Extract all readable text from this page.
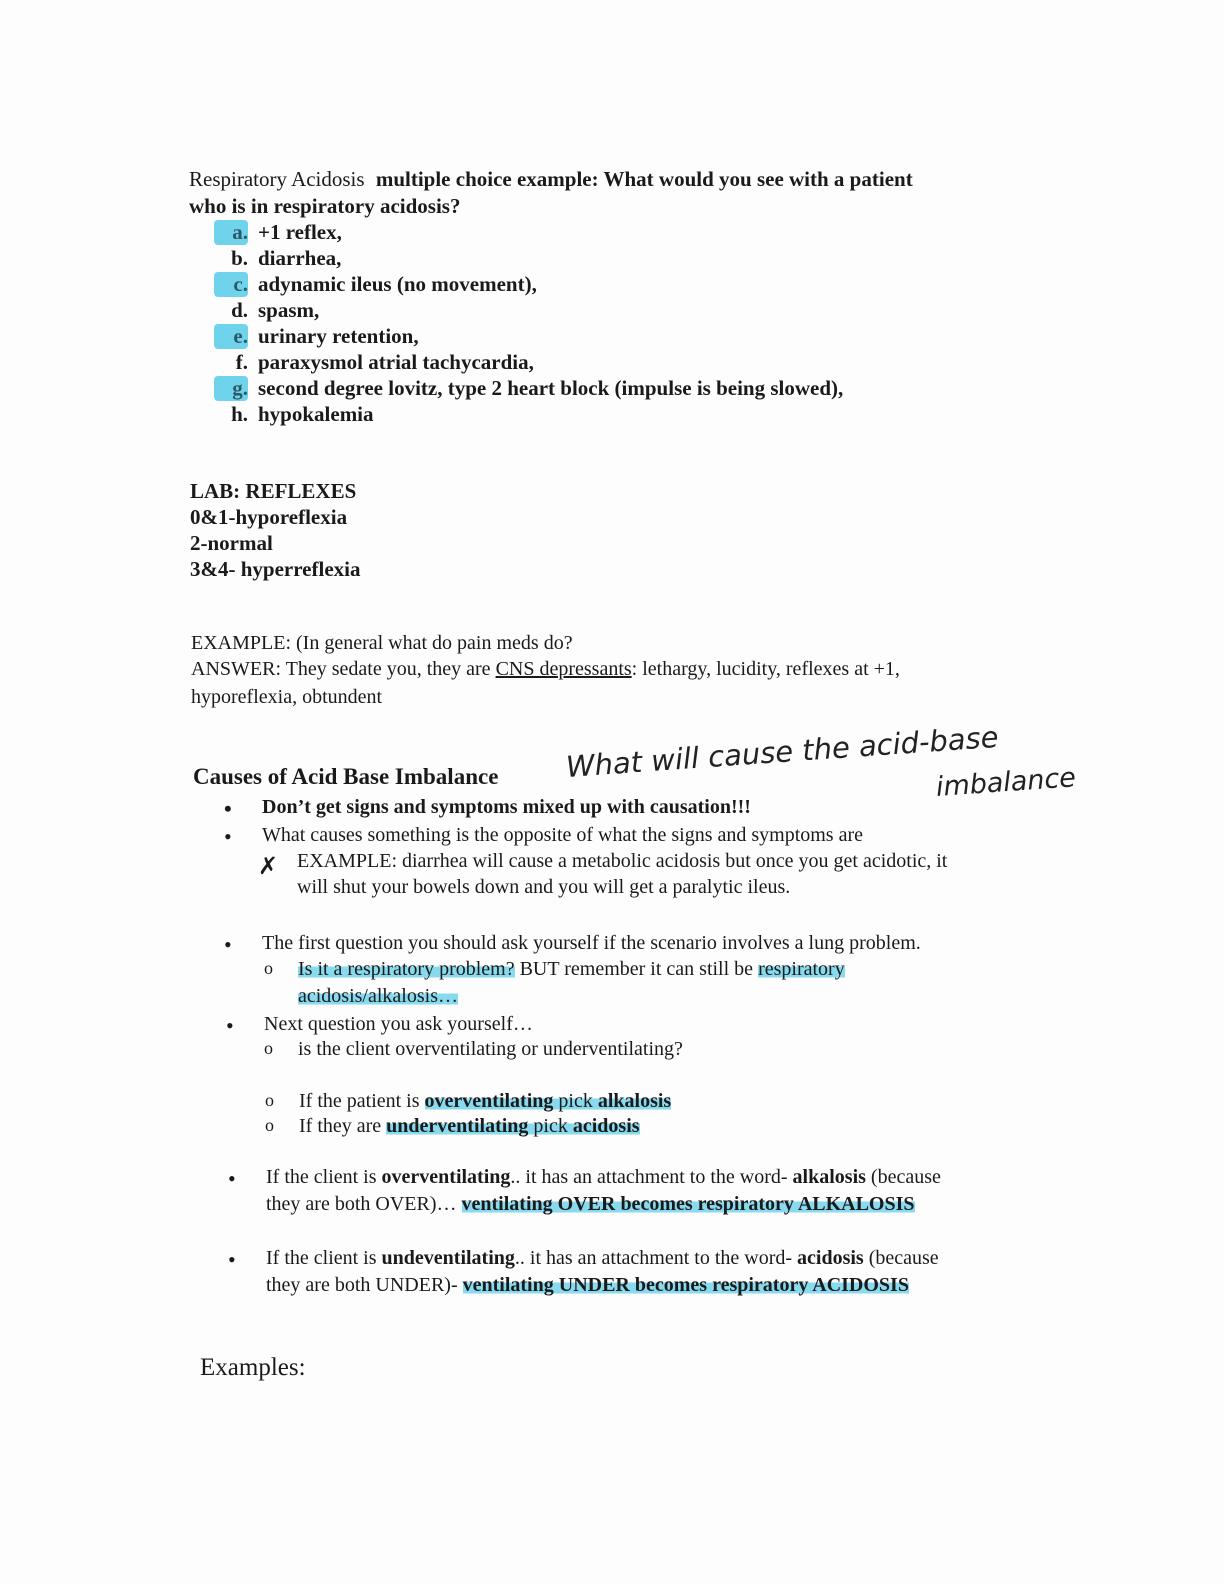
Respiratory Acidosis multiple choice example: What would you see with a patient
who is in respiratory acidosis?
a. +1 reflex,
b. diarrhea,
c. adynamic ileus (no movement),
d. spasm,
e. urinary retention,
f. paraxysmol atrial tachycardia,
g. second degree lovitz, type 2 heart block (impulse is being slowed),
h. hypokalemia
LAB: REFLEXES
0&1-hyporeflexia
2-normal
3&4- hyperreflexia
EXAMPLE: (In general what do pain meds do?
ANSWER: They sedate you, they are CNS depressants: lethargy, lucidity, reflexes at +1,
hyporeflexia, obtundent
Causes of Acid Base Imbalance What will cause the acid-base
imbalance
• Don’t get signs and symptoms mixed up with causation!!!
• What causes something is the opposite of what the signs and symptoms are
✗ EXAMPLE: diarrhea will cause a metabolic acidosis but once you get acidotic, it
will shut your bowels down and you will get a paralytic ileus.
• The first question you should ask yourself if the scenario involves a lung problem.
o Is it a respiratory problem? BUT remember it can still be respiratory
acidosis/alkalosis…
• Next question you ask yourself…
o is the client overventilating or underventilating?
o If the patient is overventilating pick alkalosis
o If they are underventilating pick acidosis
• If the client is overventilating.. it has an attachment to the word- alkalosis (because
they are both OVER)… ventilating OVER becomes respiratory ALKALOSIS
• If the client is undeventilating.. it has an attachment to the word- acidosis (because
they are both UNDER)- ventilating UNDER becomes respiratory ACIDOSIS
Examples:
